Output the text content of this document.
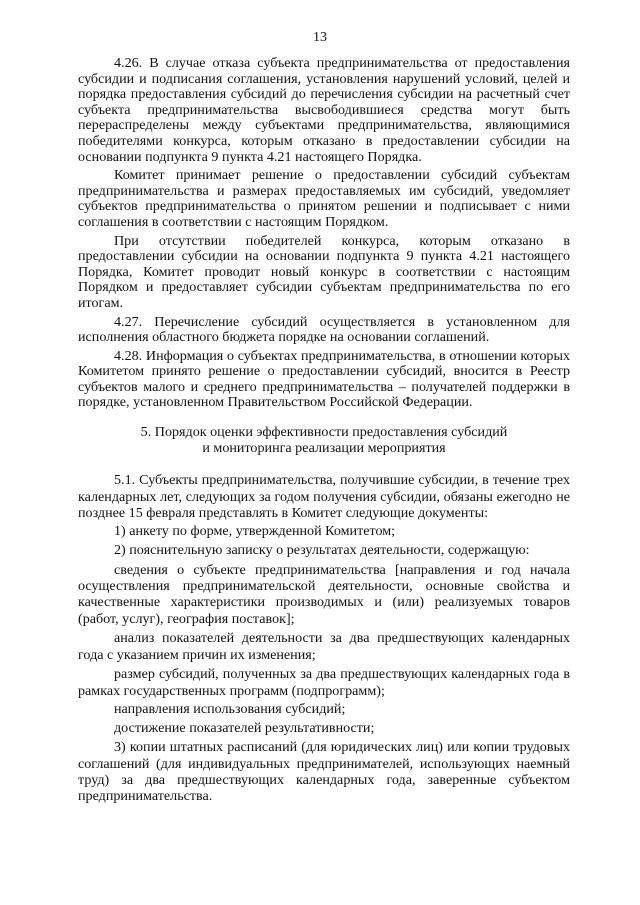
13

4.26. В случае отказа субъекта предпринимательства от предоставления субсидии и подписания соглашения, установления нарушений условий, целей и порядка предоставления субсидий до перечисления субсидии на расчетный счет субъекта предпринимательства высвободившиеся средства могут быть перераспределены между субъектами предпринимательства, являющимися победителями конкурса, которым отказано в предоставлении субсидии на основании подпункта 9 пункта 4.21 настоящего Порядка.

Комитет принимает решение о предоставлении субсидий субъектам предпринимательства и размерах предоставляемых им субсидий, уведомляет субъектов предпринимательства о принятом решении и подписывает с ними соглашения в соответствии с настоящим Порядком.

При отсутствии победителей конкурса, которым отказано в предоставлении субсидии на основании подпункта 9 пункта 4.21 настоящего Порядка, Комитет проводит новый конкурс в соответствии с настоящим Порядком и предоставляет субсидии субъектам предпринимательства по его итогам.

4.27. Перечисление субсидий осуществляется в установленном для исполнения областного бюджета порядке на основании соглашений.

4.28. Информация о субъектах предпринимательства, в отношении которых Комитетом принято решение о предоставлении субсидий, вносится в Реестр субъектов малого и среднего предпринимательства – получателей поддержки в порядке, установленном Правительством Российской Федерации.

5. Порядок оценки эффективности предоставления субсидий
и мониторинга реализации мероприятия

5.1. Субъекты предпринимательства, получившие субсидии, в течение трех календарных лет, следующих за годом получения субсидии, обязаны ежегодно не позднее 15 февраля представлять в Комитет следующие документы:

1) анкету по форме, утвержденной Комитетом;

2) пояснительную записку о результатах деятельности, содержащую:

сведения о субъекте предпринимательства [направления и год начала осуществления предпринимательской деятельности, основные свойства и качественные характеристики производимых и (или) реализуемых товаров (работ, услуг), география поставок];

анализ показателей деятельности за два предшествующих календарных года с указанием причин их изменения;

размер субсидий, полученных за два предшествующих календарных года в рамках государственных программ (подпрограмм);

направления использования субсидий;

достижение показателей результативности;

3) копии штатных расписаний (для юридических лиц) или копии трудовых соглашений (для индивидуальных предпринимателей, использующих наемный труд) за два предшествующих календарных года, заверенные субъектом предпринимательства.
